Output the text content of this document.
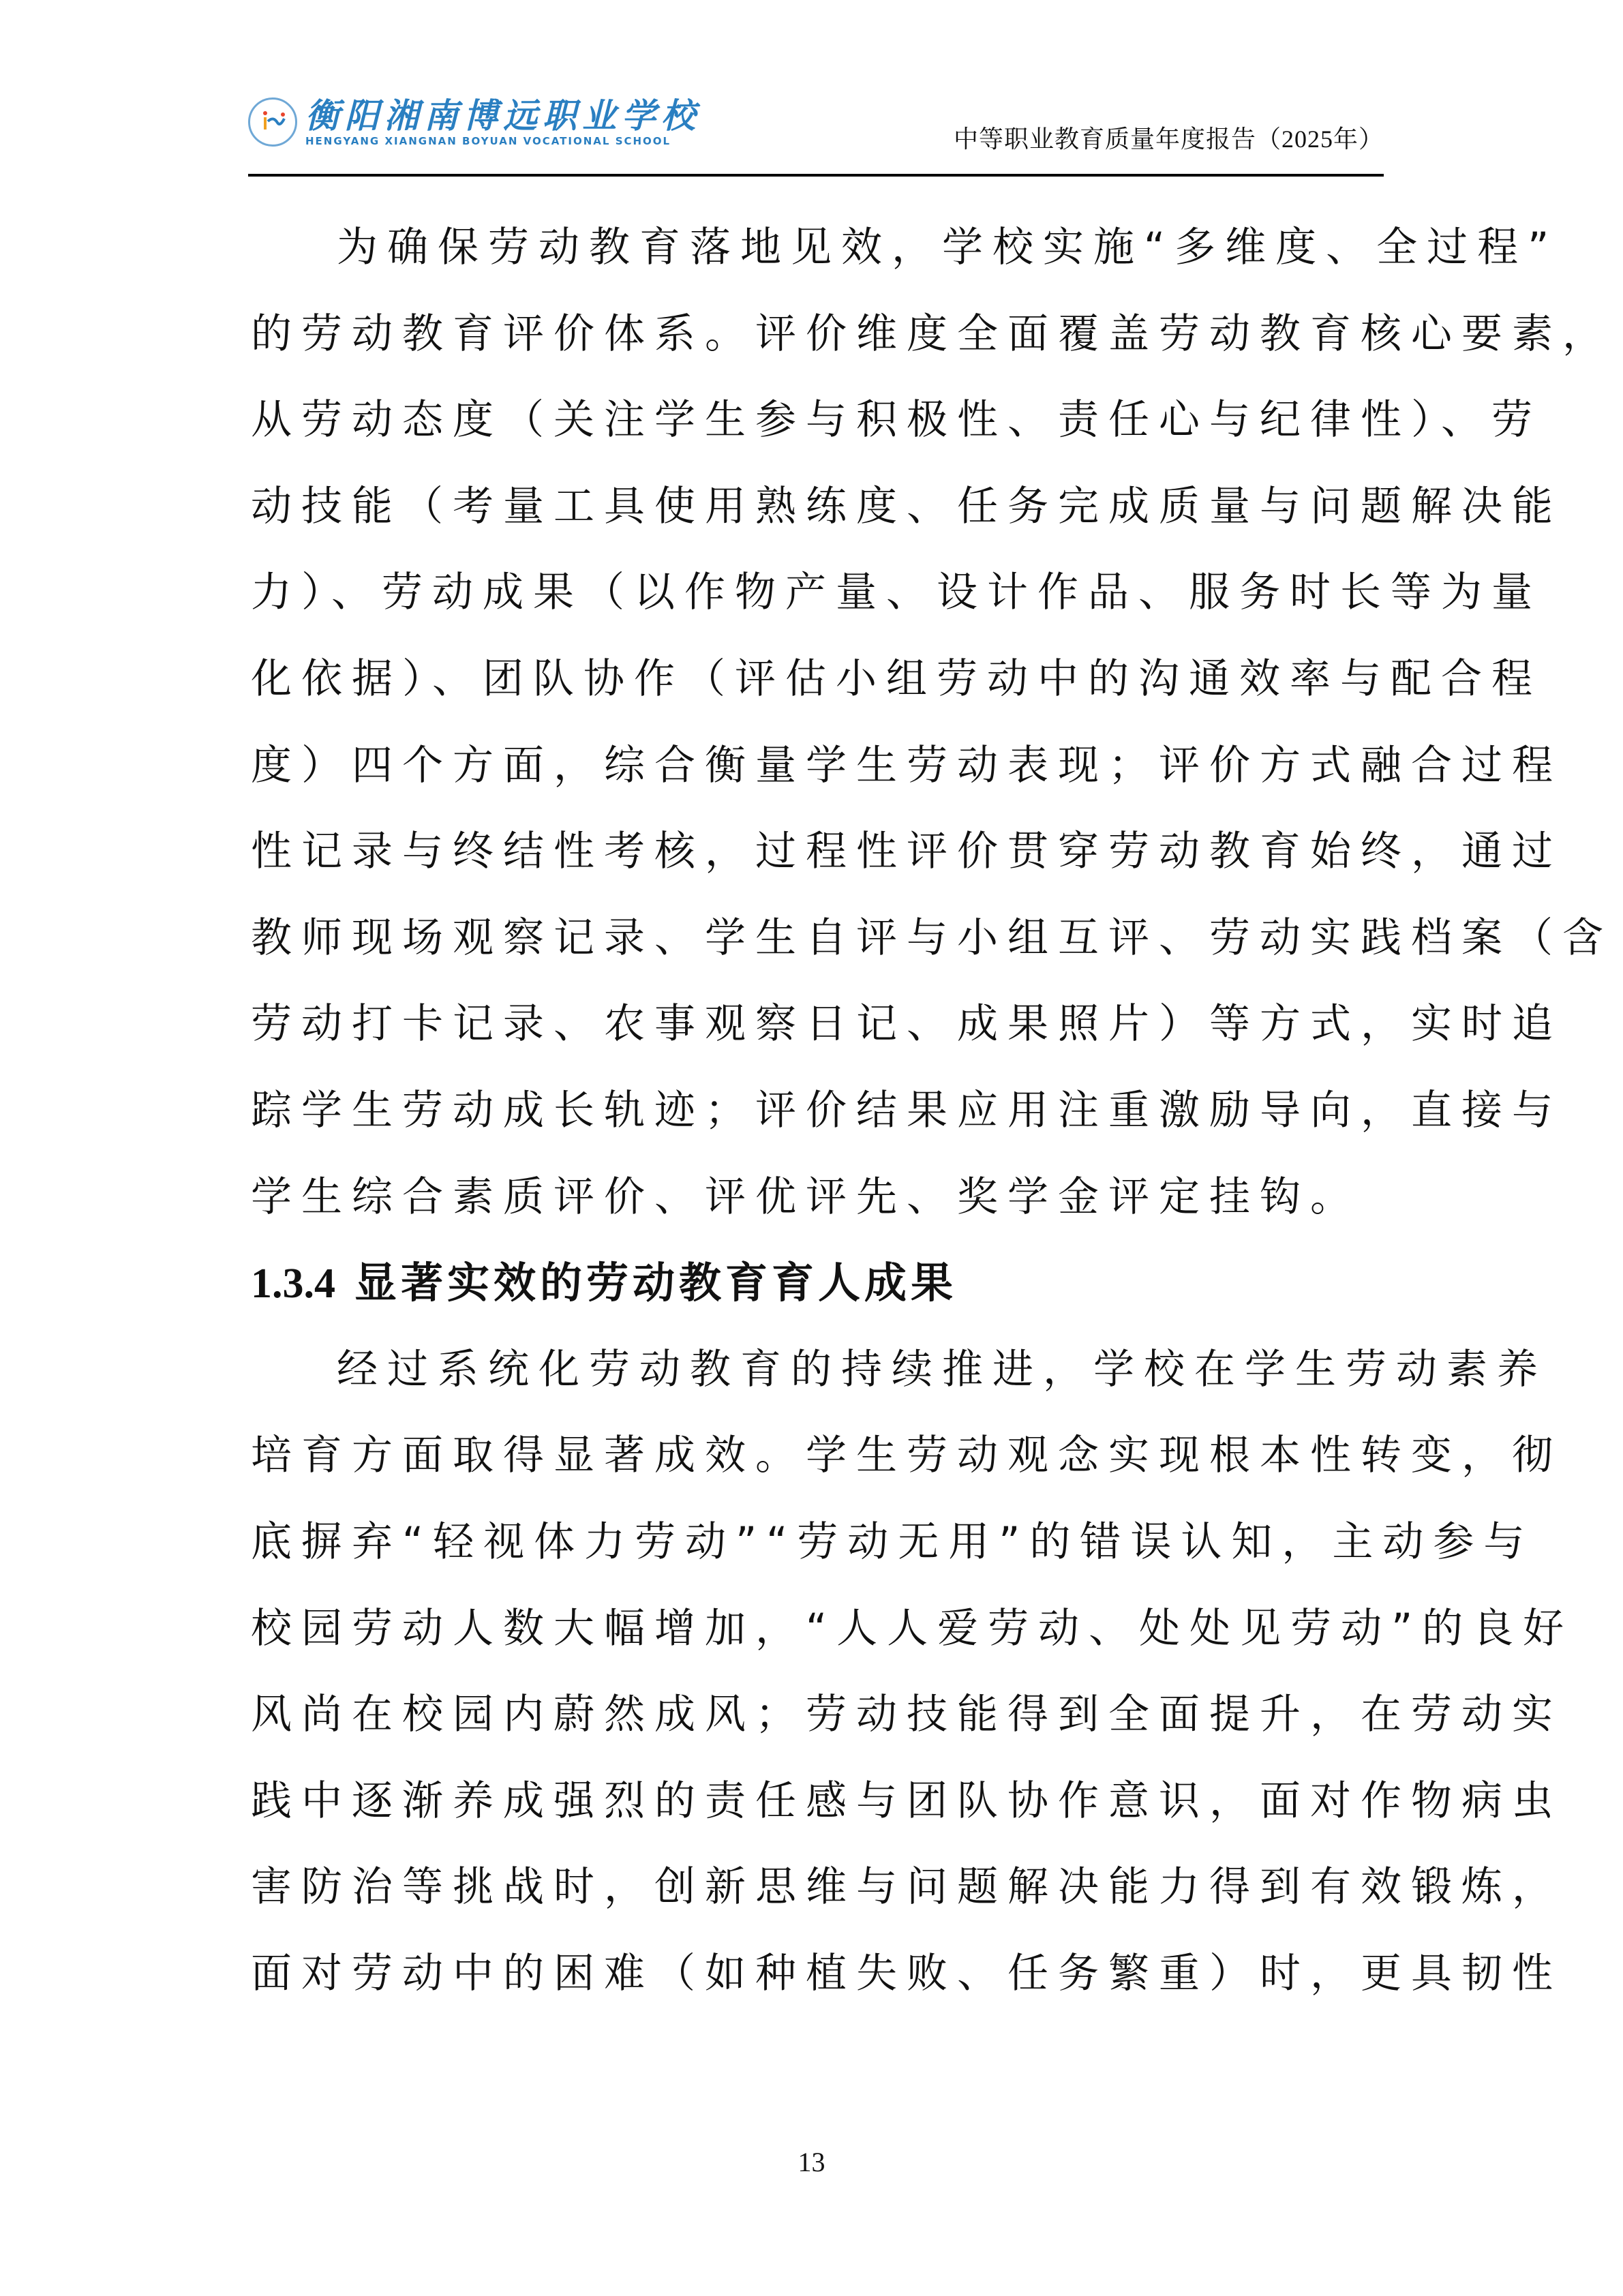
衡阳湘南博远职业学校
HENGYANG XIANGNAN BOYUAN VOCATIONAL SCHOOL	中等职业教育质量年度报告（2025年）
为确保劳动教育落地见效，学校实施“多维度、全过程”
的劳动教育评价体系。评价维度全面覆盖劳动教育核心要素，
从劳动态度（关注学生参与积极性、责任心与纪律性）、劳
动技能（考量工具使用熟练度、任务完成质量与问题解决能
力）、劳动成果（以作物产量、设计作品、服务时长等为量
化依据）、团队协作（评估小组劳动中的沟通效率与配合程
度）四个方面，综合衡量学生劳动表现；评价方式融合过程
性记录与终结性考核，过程性评价贯穿劳动教育始终，通过
教师现场观察记录、学生自评与小组互评、劳动实践档案（含
劳动打卡记录、农事观察日记、成果照片）等方式，实时追
踪学生劳动成长轨迹；评价结果应用注重激励导向，直接与
学生综合素质评价、评优评先、奖学金评定挂钩。
1.3.4 显著实效的劳动教育育人成果
经过系统化劳动教育的持续推进，学校在学生劳动素养
培育方面取得显著成效。学生劳动观念实现根本性转变，彻
底摒弃“轻视体力劳动”“劳动无用”的错误认知，主动参与
校园劳动人数大幅增加，“人人爱劳动、处处见劳动”的良好
风尚在校园内蔚然成风；劳动技能得到全面提升，在劳动实
践中逐渐养成强烈的责任感与团队协作意识，面对作物病虫
害防治等挑战时，创新思维与问题解决能力得到有效锻炼，
面对劳动中的困难（如种植失败、任务繁重）时，更具韧性
13
